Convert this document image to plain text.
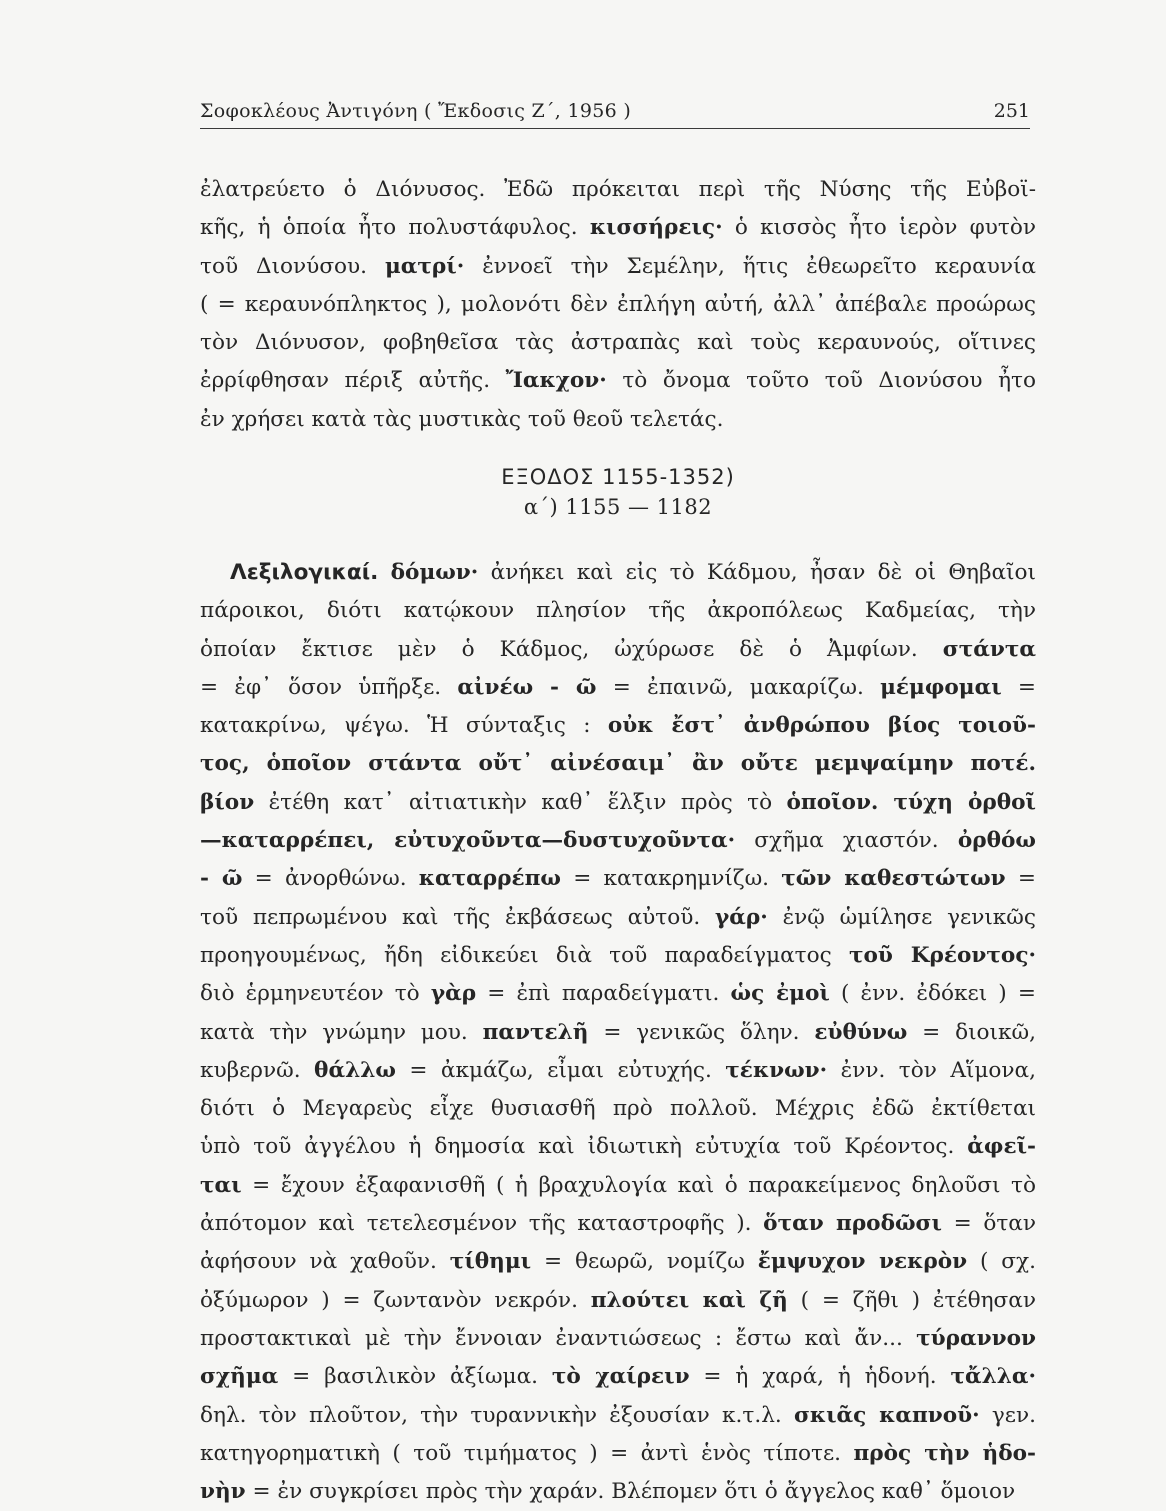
Σοφοκλέους Ἀντιγόνη ( Ἔκδοσις Ζ΄, 1956 )	251
ἐλατρεύετο ὁ Διόνυσος. Ἐδῶ πρόκειται περὶ τῆς Νύσης τῆς Εὐβοϊ-
κῆς, ἡ ὁποία ἦτο πολυστάφυλος. κισσήρεις· ὁ κισσὸς ἦτο ἱερὸν φυτὸν
τοῦ Διονύσου. ματρί· ἐννοεῖ τὴν Σεμέλην, ἥτις ἐθεωρεῖτο κεραυνία
( = κεραυνόπληκτος ), μολονότι δὲν ἐπλήγη αὐτή, ἀλλ᾽ ἀπέβαλε προώρως
τὸν Διόνυσον, φοβηθεῖσα τὰς ἀστραπὰς καὶ τοὺς κεραυνούς, οἵτινες
ἐρρίφθησαν πέριξ αὐτῆς. Ἴακχον· τὸ ὄνομα τοῦτο τοῦ Διονύσου ἦτο
ἐν χρήσει κατὰ τὰς μυστικὰς τοῦ θεοῦ τελετάς.
ΕΞΟΔΟΣ 1155-1352)
α΄) 1155 — 1182
Λεξιλογικαί. δόμων· ἀνήκει καὶ εἰς τὸ Κάδμου, ἦσαν δὲ οἱ Θηβαῖοι
πάροικοι, διότι κατῴκουν πλησίον τῆς ἀκροπόλεως Καδμείας, τὴν
ὁποίαν ἔκτισε μὲν ὁ Κάδμος, ὠχύρωσε δὲ ὁ Ἀμφίων. στάντα
= ἐφ᾽ ὅσον ὑπῆρξε. αἰνέω - ῶ = ἐπαινῶ, μακαρίζω. μέμφομαι =
κατακρίνω, ψέγω. Ἡ σύνταξις : οὐκ ἔστ᾽ ἀνθρώπου βίος τοιοῦ-
τος, ὁποῖον στάντα οὔτ᾽ αἰνέσαιμ᾽ ἂν οὔτε μεμψαίμην ποτέ.
βίον ἐτέθη κατ᾽ αἰτιατικὴν καθ᾽ ἕλξιν πρὸς τὸ ὁποῖον. τύχη ὀρθοῖ
—καταρρέπει, εὐτυχοῦντα—δυστυχοῦντα· σχῆμα χιαστόν. ὀρθόω
- ῶ = ἀνορθώνω. καταρρέπω = κατακρημνίζω. τῶν καθεστώτων =
τοῦ πεπρωμένου καὶ τῆς ἐκβάσεως αὐτοῦ. γάρ· ἐνῷ ὡμίλησε γενικῶς
προηγουμένως, ἤδη εἰδικεύει διὰ τοῦ παραδείγματος τοῦ Κρέοντος·
διὸ ἑρμηνευτέον τὸ γὰρ = ἐπὶ παραδείγματι. ὡς ἐμοὶ ( ἐνν. ἐδόκει ) =
κατὰ τὴν γνώμην μου. παντελῆ = γενικῶς ὅλην. εὐθύνω = διοικῶ,
κυβερνῶ. θάλλω = ἀκμάζω, εἶμαι εὐτυχής. τέκνων· ἐνν. τὸν Αἵμονα,
διότι ὁ Μεγαρεὺς εἶχε θυσιασθῆ πρὸ πολλοῦ. Μέχρις ἐδῶ ἐκτίθεται
ὑπὸ τοῦ ἀγγέλου ἡ δημοσία καὶ ἰδιωτικὴ εὐτυχία τοῦ Κρέοντος. ἀφεῖ-
ται = ἔχουν ἐξαφανισθῆ ( ἡ βραχυλογία καὶ ὁ παρακείμενος δηλοῦσι τὸ
ἀπότομον καὶ τετελεσμένον τῆς καταστροφῆς ). ὅταν προδῶσι = ὅταν
ἀφήσουν νὰ χαθοῦν. τίθημι = θεωρῶ, νομίζω ἔμψυχον νεκρὸν ( σχ.
ὀξύμωρον ) = ζωντανὸν νεκρόν. πλούτει καὶ ζῆ ( = ζῆθι ) ἐτέθησαν
προστακτικαὶ μὲ τὴν ἔννοιαν ἐναντιώσεως : ἔστω καὶ ἄν... τύραννον
σχῆμα = βασιλικὸν ἀξίωμα. τὸ χαίρειν = ἡ χαρά, ἡ ἡδονή. τἄλλα·
δηλ. τὸν πλοῦτον, τὴν τυραννικὴν ἐξουσίαν κ.τ.λ. σκιᾶς καπνοῦ· γεν.
κατηγορηματικὴ ( τοῦ τιμήματος ) = ἀντὶ ἑνὸς τίποτε. πρὸς τὴν ἡδο-
νὴν = ἐν συγκρίσει πρὸς τὴν χαράν. Βλέπομεν ὅτι ὁ ἄγγελος καθ᾽ ὅμοιον
